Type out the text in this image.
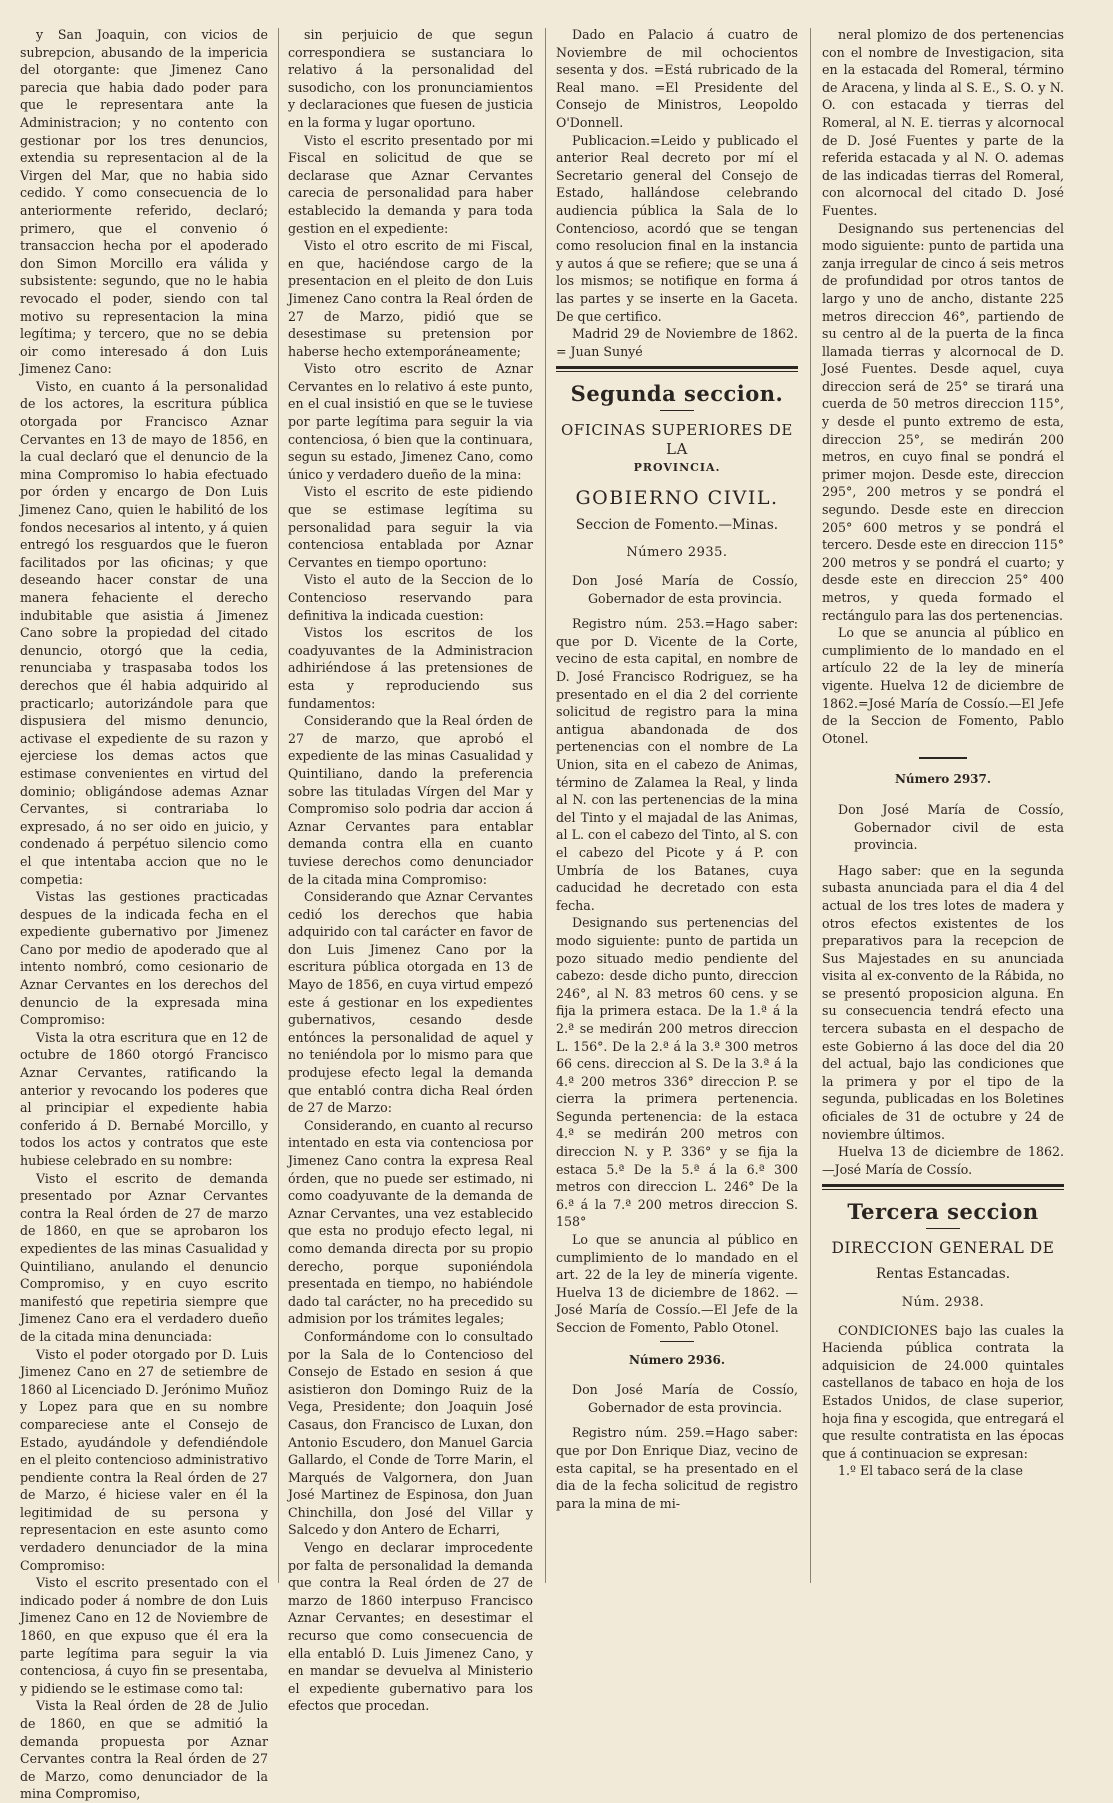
y San Joaquin, con vicios de subrepcion, abusando de la impericia del otorgante: que Jimenez Cano parecia que habia dado poder para que le representara ante la Administracion; y no contento con gestionar por los tres denuncios, extendia su representacion al de la Virgen del Mar, que no habia sido cedido. Y como consecuencia de lo anteriormente referido, declaró; primero, que el convenio ó transaccion hecha por el apoderado don Simon Morcillo era válida y subsistente: segundo, que no le habia revocado el poder, siendo con tal motivo su representacion la mina legítima; y tercero, que no se debia oir como interesado á don Luis Jimenez Cano:

Visto, en cuanto á la personalidad de los actores, la escritura pública otorgada por Francisco Aznar Cervantes en 13 de mayo de 1856, en la cual declaró que el denuncio de la mina Compromiso lo habia efectuado por órden y encargo de Don Luis Jimenez Cano, quien le habilitó de los fondos necesarios al intento, y á quien entregó los resguardos que le fueron facilitados por las oficinas; y que deseando hacer constar de una manera fehaciente el derecho indubitable que asistia á Jimenez Cano sobre la propiedad del citado denuncio, otorgó que la cedia, renunciaba y traspasaba todos los derechos que él habia adquirido al practicarlo; autorizándole para que dispusiera del mismo denuncio, activase el expediente de su razon y ejerciese los demas actos que estimase convenientes en virtud del dominio; obligándose ademas Aznar Cervantes, si contrariaba lo expresado, á no ser oido en juicio, y condenado á perpétuo silencio como el que intentaba accion que no le competia:

Vistas las gestiones practicadas despues de la indicada fecha en el expediente gubernativo por Jimenez Cano por medio de apoderado que al intento nombró, como cesionario de Aznar Cervantes en los derechos del denuncio de la expresada mina Compromiso:

Vista la otra escritura que en 12 de octubre de 1860 otorgó Francisco Aznar Cervantes, ratificando la anterior y revocando los poderes que al principiar el expediente habia conferido á D. Bernabé Morcillo, y todos los actos y contratos que este hubiese celebrado en su nombre:

Visto el escrito de demanda presentado por Aznar Cervantes contra la Real órden de 27 de marzo de 1860, en que se aprobaron los expedientes de las minas Casualidad y Quintiliano, anulando el denuncio Compromiso, y en cuyo escrito manifestó que repetiria siempre que Jimenez Cano era el verdadero dueño de la citada mina denunciada:

Visto el poder otorgado por D. Luis Jimenez Cano en 27 de setiembre de 1860 al Licenciado D. Jerónimo Muñoz y Lopez para que en su nombre compareciese ante el Consejo de Estado, ayudándole y defendiéndole en el pleito contencioso administrativo pendiente contra la Real órden de 27 de Marzo, é hiciese valer en él la legitimidad de su persona y representacion en este asunto como verdadero denunciador de la mina Compromiso:

Visto el escrito presentado con el indicado poder á nombre de don Luis Jimenez Cano en 12 de Noviembre de 1860, en que expuso que él era la parte legítima para seguir la via contenciosa, á cuyo fin se presentaba, y pidiendo se le estimase como tal:

Vista la Real órden de 28 de Julio de 1860, en que se admitió la demanda propuesta por Aznar Cervantes contra la Real órden de 27 de Marzo, como denunciador de la mina Compromiso,

sin perjuicio de que segun correspondiera se sustanciara lo relativo á la personalidad del susodicho, con los pronunciamientos y declaraciones que fuesen de justicia en la forma y lugar oportuno.

Visto el escrito presentado por mi Fiscal en solicitud de que se declarase que Aznar Cervantes carecia de personalidad para haber establecido la demanda y para toda gestion en el expediente:

Visto el otro escrito de mi Fiscal, en que, haciéndose cargo de la presentacion en el pleito de don Luis Jimenez Cano contra la Real órden de 27 de Marzo, pidió que se desestimase su pretension por haberse hecho extemporáneamente;

Visto otro escrito de Aznar Cervantes en lo relativo á este punto, en el cual insistió en que se le tuviese por parte legítima para seguir la via contenciosa, ó bien que la continuara, segun su estado, Jimenez Cano, como único y verdadero dueño de la mina:

Visto el escrito de este pidiendo que se estimase legítima su personalidad para seguir la via contenciosa entablada por Aznar Cervantes en tiempo oportuno:

Visto el auto de la Seccion de lo Contencioso reservando para definitiva la indicada cuestion:

Vistos los escritos de los coadyuvantes de la Administracion adhiriéndose á las pretensiones de esta y reproduciendo sus fundamentos:

Considerando que la Real órden de 27 de marzo, que aprobó el expediente de las minas Casualidad y Quintiliano, dando la preferencia sobre las tituladas Vírgen del Mar y Compromiso solo podria dar accion á Aznar Cervantes para entablar demanda contra ella en cuanto tuviese derechos como denunciador de la citada mina Compromiso:

Considerando que Aznar Cervantes cedió los derechos que habia adquirido con tal carácter en favor de don Luis Jimenez Cano por la escritura pública otorgada en 13 de Mayo de 1856, en cuya virtud empezó este á gestionar en los expedientes gubernativos, cesando desde entónces la personalidad de aquel y no teniéndola por lo mismo para que produjese efecto legal la demanda que entabló contra dicha Real órden de 27 de Marzo:

Considerando, en cuanto al recurso intentado en esta via contenciosa por Jimenez Cano contra la expresa Real órden, que no puede ser estimado, ni como coadyuvante de la demanda de Aznar Cervantes, una vez establecido que esta no produjo efecto legal, ni como demanda directa por su propio derecho, porque suponiéndola presentada en tiempo, no habiéndole dado tal carácter, no ha precedido su admision por los trámites legales;

Conformándome con lo consultado por la Sala de lo Contencioso del Consejo de Estado en sesion á que asistieron don Domingo Ruiz de la Vega, Presidente; don Joaquin José Casaus, don Francisco de Luxan, don Antonio Escudero, don Manuel Garcia Gallardo, el Conde de Torre Marin, el Marqués de Valgornera, don Juan José Martinez de Espinosa, don Juan Chinchilla, don José del Villar y Salcedo y don Antero de Echarri,

Vengo en declarar improcedente por falta de personalidad la demanda que contra la Real órden de 27 de marzo de 1860 interpuso Francisco Aznar Cervantes; en desestimar el recurso que como consecuencia de ella entabló D. Luis Jimenez Cano, y en mandar se devuelva al Ministerio el expediente gubernativo para los efectos que procedan.

Dado en Palacio á cuatro de Noviembre de mil ochocientos sesenta y dos. =Está rubricado de la Real mano. =El Presidente del Consejo de Ministros, Leopoldo O'Donnell.

Publicacion.=Leido y publicado el anterior Real decreto por mí el Secretario general del Consejo de Estado, hallándose celebrando audiencia pública la Sala de lo Contencioso, acordó que se tengan como resolucion final en la instancia y autos á que se refiere; que se una á los mismos; se notifique en forma á las partes y se inserte en la Gaceta. De que certifico.

Madrid 29 de Noviembre de 1862. = Juan Sunyé

Segunda seccion.
OFICINAS SUPERIORES DE LA
PROVINCIA.
GOBIERNO CIVIL.
Seccion de Fomento.—Minas.
Número 2935.

Don José María de Cossío, Gobernador de esta provincia.

Registro núm. 253.=Hago saber: que por D. Vicente de la Corte, vecino de esta capital, en nombre de D. José Francisco Rodriguez, se ha presentado en el dia 2 del corriente solicitud de registro para la mina antigua abandonada de dos pertenencias con el nombre de La Union, sita en el cabezo de Animas, término de Zalamea la Real, y linda al N. con las pertenencias de la mina del Tinto y el majadal de las Animas, al L. con el cabezo del Tinto, al S. con el cabezo del Picote y á P. con Umbría de los Batanes, cuya caducidad he decretado con esta fecha.

Designando sus pertenencias del modo siguiente: punto de partida un pozo situado medio pendiente del cabezo: desde dicho punto, direccion 246°, al N. 83 metros 60 cens. y se fija la primera estaca. De la 1.ª á la 2.ª se medirán 200 metros direccion L. 156°. De la 2.ª á la 3.ª 300 metros 66 cens. direccion al S. De la 3.ª á la 4.ª 200 metros 336° direccion P. se cierra la primera pertenencia. Segunda pertenencia: de la estaca 4.ª se medirán 200 metros con direccion N. y P. 336° y se fija la estaca 5.ª De la 5.ª á la 6.ª 300 metros con direccion L. 246° De la 6.ª á la 7.ª 200 metros direccion S. 158°

Lo que se anuncia al público en cumplimiento de lo mandado en el art. 22 de la ley de minería vigente. Huelva 13 de diciembre de 1862. —José María de Cossío.—El Jefe de la Seccion de Fomento, Pablo Otonel.

Número 2936.

Don José María de Cossío, Gobernador de esta provincia.

Registro núm. 259.=Hago saber: que por Don Enrique Diaz, vecino de esta capital, se ha presentado en el dia de la fecha solicitud de registro para la mina de mi-

neral plomizo de dos pertenencias con el nombre de Investigacion, sita en la estacada del Romeral, término de Aracena, y linda al S. E., S. O. y N. O. con estacada y tierras del Romeral, al N. E. tierras y alcornocal de D. José Fuentes y parte de la referida estacada y al N. O. ademas de las indicadas tierras del Romeral, con alcornocal del citado D. José Fuentes.

Designando sus pertenencias del modo siguiente: punto de partida una zanja irregular de cinco á seis metros de profundidad por otros tantos de largo y uno de ancho, distante 225 metros direccion 46°, partiendo de su centro al de la puerta de la finca llamada tierras y alcornocal de D. José Fuentes. Desde aquel, cuya direccion será de 25° se tirará una cuerda de 50 metros direccion 115°, y desde el punto extremo de esta, direccion 25°, se medirán 200 metros, en cuyo final se pondrá el primer mojon. Desde este, direccion 295°, 200 metros y se pondrá el segundo. Desde este en direccion 205° 600 metros y se pondrá el tercero. Desde este en direccion 115° 200 metros y se pondrá el cuarto; y desde este en direccion 25° 400 metros, y queda formado el rectángulo para las dos pertenencias.

Lo que se anuncia al público en cumplimiento de lo mandado en el artículo 22 de la ley de minería vigente. Huelva 12 de diciembre de 1862.=José María de Cossío.—El Jefe de la Seccion de Fomento, Pablo Otonel.

Número 2937.

Don José María de Cossío, Gobernador civil de esta provincia.

Hago saber: que en la segunda subasta anunciada para el dia 4 del actual de los tres lotes de madera y otros efectos existentes de los preparativos para la recepcion de Sus Majestades en su anunciada visita al ex-convento de la Rábida, no se presentó proposicion alguna. En su consecuencia tendrá efecto una tercera subasta en el despacho de este Gobierno á las doce del dia 20 del actual, bajo las condiciones que la primera y por el tipo de la segunda, publicadas en los Boletines oficiales de 31 de octubre y 24 de noviembre últimos.

Huelva 13 de diciembre de 1862. —José María de Cossío.

Tercera seccion
DIRECCION GENERAL DE
Rentas Estancadas.
Núm. 2938.

CONDICIONES bajo las cuales la Hacienda pública contrata la adquisicion de 24.000 quintales castellanos de tabaco en hoja de los Estados Unidos, de clase superior, hoja fina y escogida, que entregará el que resulte contratista en las épocas que á continuacion se expresan:

1.º El tabaco será de la clase
